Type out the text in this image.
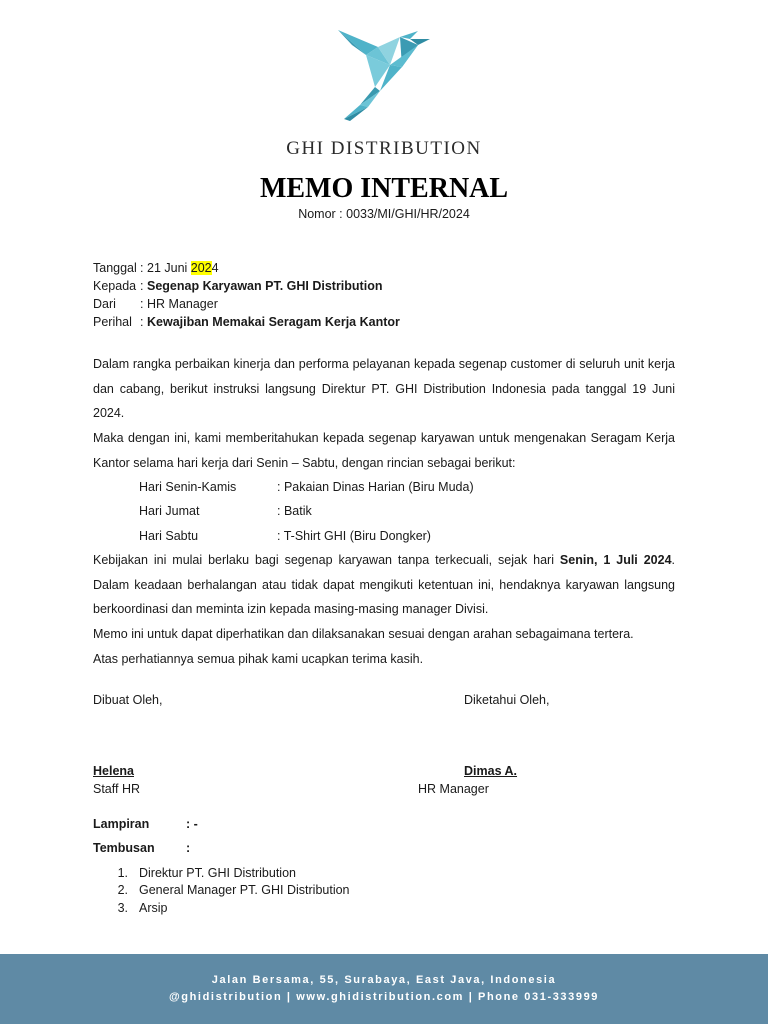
GHI DISTRIBUTION
MEMO INTERNAL
Nomor : 0033/MI/GHI/HR/2024
Tanggal : 21 Juni 2024
Kepada : Segenap Karyawan PT. GHI Distribution
Dari : HR Manager
Perihal : Kewajiban Memakai Seragam Kerja Kantor
Dalam rangka perbaikan kinerja dan performa pelayanan kepada segenap customer di seluruh unit kerja dan cabang, berikut instruksi langsung Direktur PT. GHI Distribution Indonesia pada tanggal 19 Juni 2024.
Maka dengan ini, kami memberitahukan kepada segenap karyawan untuk mengenakan Seragam Kerja Kantor selama hari kerja dari Senin – Sabtu, dengan rincian sebagai berikut:
Hari Senin-Kamis	: Pakaian Dinas Harian (Biru Muda)
Hari Jumat	: Batik
Hari Sabtu	: T-Shirt GHI (Biru Dongker)
Kebijakan ini mulai berlaku bagi segenap karyawan tanpa terkecuali, sejak hari Senin, 1 Juli 2024. Dalam keadaan berhalangan atau tidak dapat mengikuti ketentuan ini, hendaknya karyawan langsung berkoordinasi dan meminta izin kepada masing-masing manager Divisi.
Memo ini untuk dapat diperhatikan dan dilaksanakan sesuai dengan arahan sebagaimana tertera.
Atas perhatiannya semua pihak kami ucapkan terima kasih.
Dibuat Oleh,	Diketahui Oleh,
Helena	Dimas A.
Staff HR	HR Manager
Lampiran	: -
Tembusan	:
1. Direktur PT. GHI Distribution
2. General Manager PT. GHI Distribution
3. Arsip
Jalan Bersama, 55, Surabaya, East Java, Indonesia
@ghidistribution | www.ghidistribution.com | Phone 031-333999
